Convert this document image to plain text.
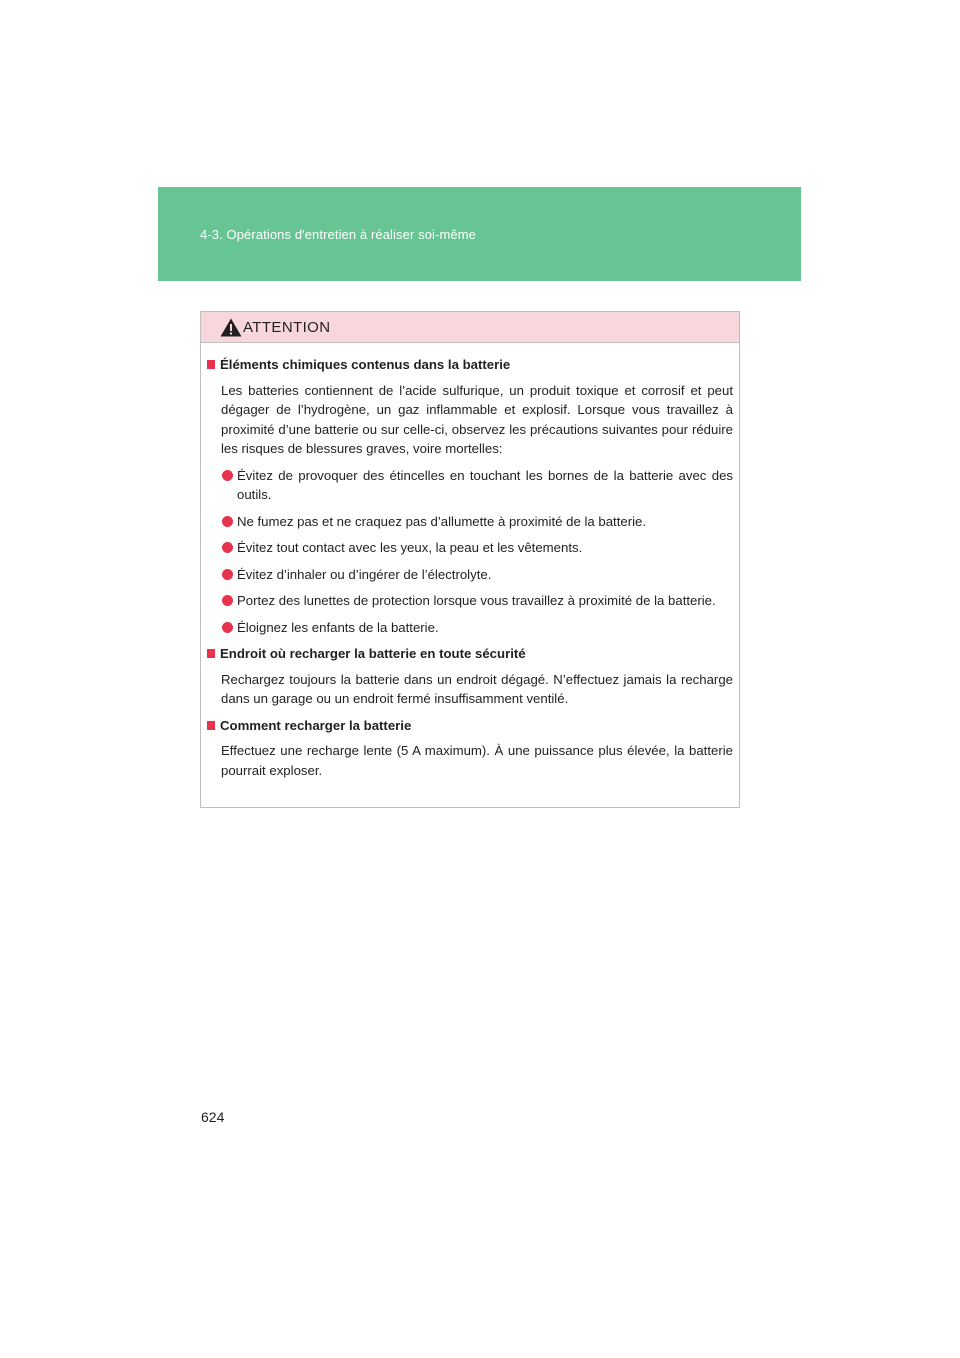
4-3. Opérations d'entretien à réaliser soi-même
ATTENTION

Éléments chimiques contenus dans la batterie

Les batteries contiennent de l’acide sulfurique, un produit toxique et corrosif et peut dégager de l’hydrogène, un gaz inflammable et explosif. Lorsque vous travaillez à proximité d’une batterie ou sur celle-ci, observez les précautions suivantes pour réduire les risques de blessures graves, voire mortelles:

Évitez de provoquer des étincelles en touchant les bornes de la batterie avec des outils.

Ne fumez pas et ne craquez pas d’allumette à proximité de la batterie.

Évitez tout contact avec les yeux, la peau et les vêtements.

Évitez d’inhaler ou d’ingérer de l’électrolyte.

Portez des lunettes de protection lorsque vous travaillez à proximité de la batterie.

Éloignez les enfants de la batterie.

Endroit où recharger la batterie en toute sécurité

Rechargez toujours la batterie dans un endroit dégagé. N’effectuez jamais la recharge dans un garage ou un endroit fermé insuffisamment ventilé.

Comment recharger la batterie

Effectuez une recharge lente (5 A maximum). À une puissance plus élevée, la batterie pourrait exploser.

624
